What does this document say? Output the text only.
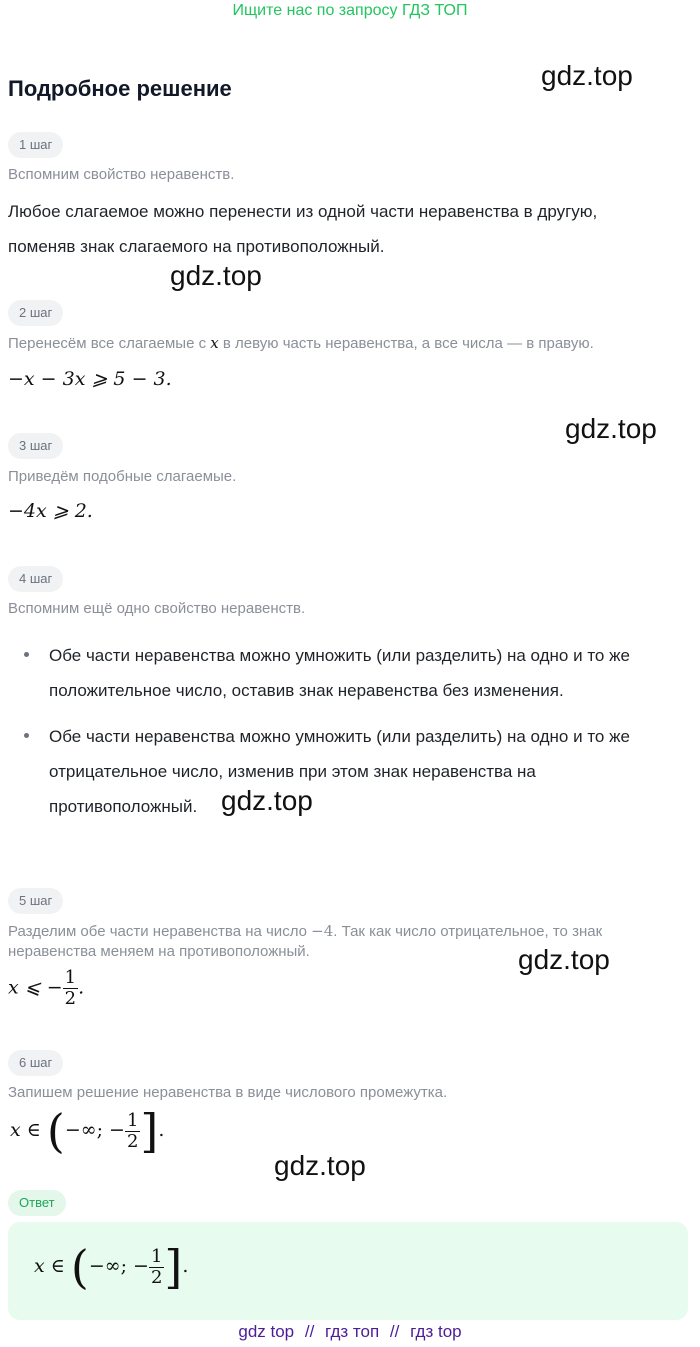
Ищите нас по запросу ГДЗ ТОП
Подробное решение	gdz.top
gdz.top
gdz.top
gdz.top
gdz.top
gdz.top
1 шаг
Вспомним свойство неравенств.
Любое слагаемое можно перенести из одной части неравенства в другую,
поменяв знак слагаемого на противоположный.
2 шаг
Перенесём все слагаемые с x в левую часть неравенства, а все числа — в правую.
−x − 3x ⩾ 5 − 3.
3 шаг
Приведём подобные слагаемые.
−4x ⩾ 2.
4 шаг
Вспомним ещё одно свойство неравенств.
Обе части неравенства можно умножить (или разделить) на одно и то же
положительное число, оставив знак неравенства без изменения.
Обе части неравенства можно умножить (или разделить) на одно и то же
отрицательное число, изменив при этом знак неравенства на
противоположный.
5 шаг
Разделим обе части неравенства на число −4. Так как число отрицательное, то знак
неравенства меняем на противоположный.
x ⩽ − $\frac{1}{2}$ .
6 шаг
Запишем решение неравенства в виде числового промежутка.
x ∈ (−∞; − $\frac{1}{2}$ ].
Ответ
x ∈ (−∞; − $\frac{1}{2}$ ].
gdz top // гдз топ // гдз top
